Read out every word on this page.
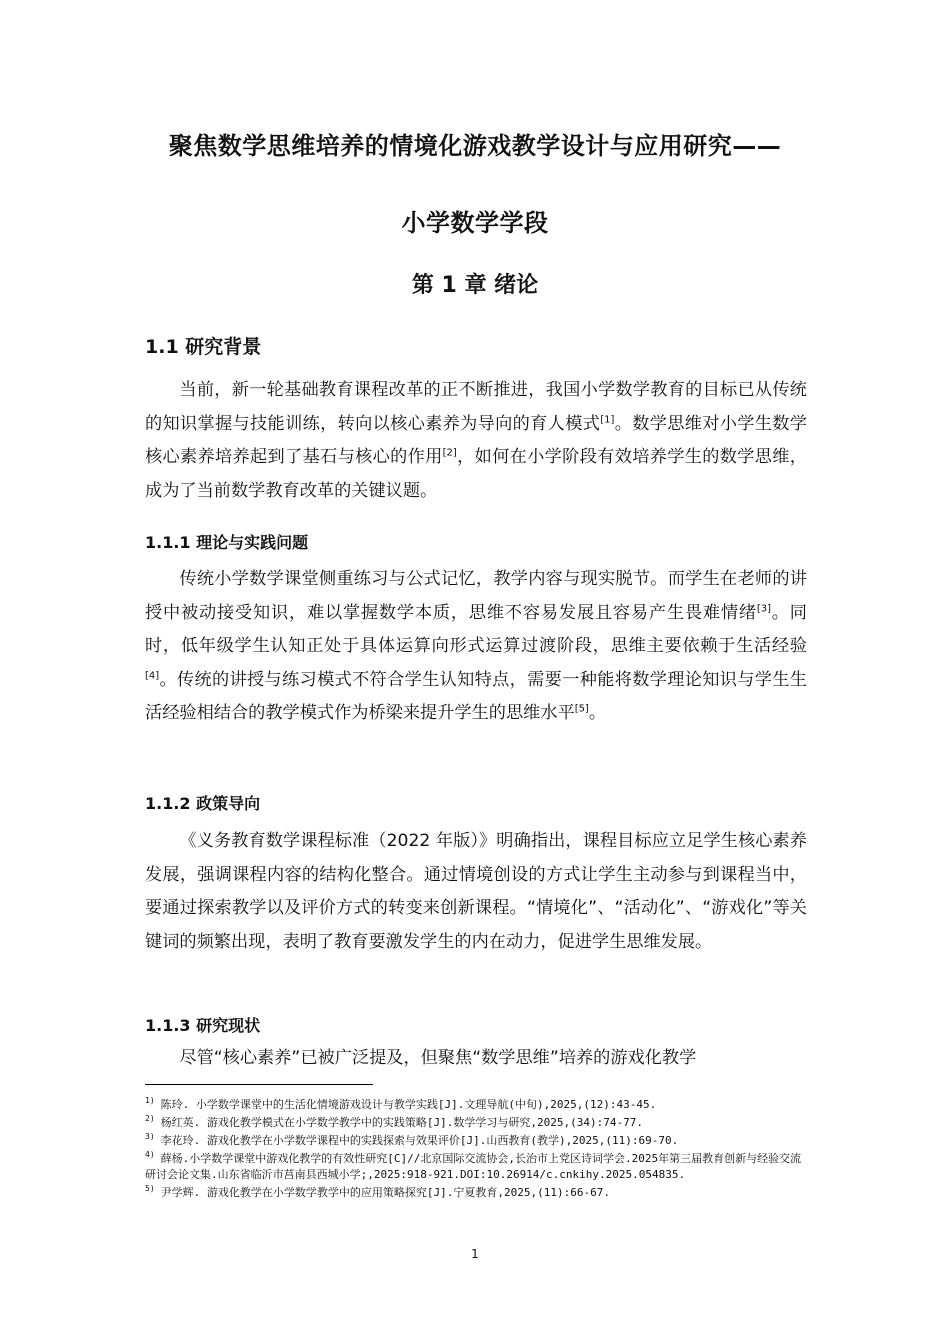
聚焦数学思维培养的情境化游戏教学设计与应用研究——
小学数学学段
第 1 章 绪论
1.1 研究背景

当前，新一轮基础教育课程改革的正不断推进，我国小学数学教育的目标已从传统的知识掌握与技能训练，转向以核心素养为导向的育人模式[1]。数学思维对小学生数学核心素养培养起到了基石与核心的作用[2]，如何在小学阶段有效培养学生的数学思维，成为了当前数学教育改革的关键议题。

1.1.1 理论与实践问题

传统小学数学课堂侧重练习与公式记忆，教学内容与现实脱节。而学生在老师的讲授中被动接受知识，难以掌握数学本质，思维不容易发展且容易产生畏难情绪[3]。同时，低年级学生认知正处于具体运算向形式运算过渡阶段，思维主要依赖于生活经验[4]。传统的讲授与练习模式不符合学生认知特点，需要一种能将数学理论知识与学生生活经验相结合的教学模式作为桥梁来提升学生的思维水平[5]。

1.1.2 政策导向

《义务教育数学课程标准（2022 年版）》明确指出，课程目标应立足学生核心素养发展，强调课程内容的结构化整合。通过情境创设的方式让学生主动参与到课程当中，要通过探索教学以及评价方式的转变来创新课程。“情境化”、“活动化”、“游戏化”等关键词的频繁出现，表明了教育要激发学生的内在动力，促进学生思维发展。

1.1.3 研究现状

尽管“核心素养”已被广泛提及，但聚焦“数学思维”培养的游戏化教学

$^{1)}$ 陈玲. 小学数学课堂中的生活化情境游戏设计与教学实践[J].文理导航(中旬),2025,(12):43-45.

$^{2)}$ 杨红英. 游戏化教学模式在小学数学教学中的实践策略[J].数学学习与研究,2025,(34):74-77.

$^{3)}$ 李花玲. 游戏化教学在小学数学课程中的实践探索与效果评价[J].山西教育(教学),2025,(11):69-70.

$^{4)}$ 薛杨.小学数学课堂中游戏化教学的有效性研究[C]//北京国际交流协会,长治市上党区诗词学会.2025年第三届教育创新与经验交流研讨会论文集.山东省临沂市莒南县西城小学;,2025:918-921.DOI:10.26914/c.cnkihy.2025.054835.

$^{5)}$ 尹学辉. 游戏化教学在小学数学教学中的应用策略探究[J].宁夏教育,2025,(11):66-67.

1
